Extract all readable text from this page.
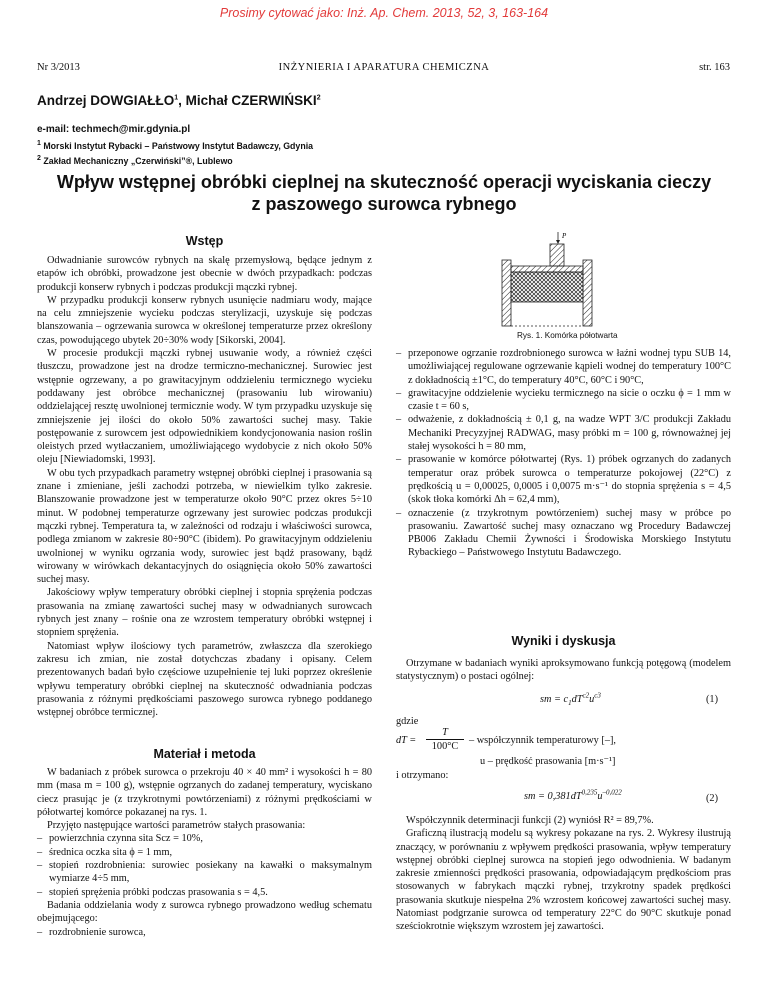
Prosimy cytować jako: Inż. Ap. Chem. 2013, 52, 3, 163-164
Nr 3/2013	INŻYNIERIA I APARATURA CHEMICZNA	str. 163
Andrzej DOWGIAŁŁO$^1$, Michał CZERWIŃSKI$^2$
e-mail: techmech@mir.gdynia.pl
$^1$ Morski Instytut Rybacki – Państwowy Instytut Badawczy, Gdynia
$^2$ Zakład Mechaniczny „Czerwiński”®, Lublewo
Wpływ wstępnej obróbki cieplnej na skuteczność operacji wyciskania cieczy
z paszowego surowca rybnego
Wstęp

Odwadnianie surowców rybnych na skalę przemysłową, będące jednym z etapów ich obróbki, prowadzone jest obecnie w dwóch przypadkach: podczas produkcji konserw rybnych i podczas produkcji mączki rybnej.

W przypadku produkcji konserw rybnych usunięcie nadmiaru wody, mające na celu zmniejszenie wycieku podczas sterylizacji, uzyskuje się podczas blanszowania – ogrzewania surowca w określonej temperaturze przez określony czas, powodującego ubytek 20÷30% wody [Sikorski, 2004].

W procesie produkcji mączki rybnej usuwanie wody, a również części tłuszczu, prowadzone jest na drodze termiczno-mechanicznej. Surowiec jest wstępnie ogrzewany, a po grawitacyjnym oddzieleniu termicznego wycieku poddawany jest obróbce mechanicznej (prasowaniu lub wirowaniu) oddzielającej resztę uwolnionej termicznie wody. W tym przypadku uzyskuje się zmniejszenie jej ilości do około 50% zawartości suchej masy. Takie postępowanie z surowcem jest odpowiednikiem kondycjonowania nasion roślin oleistych przed wytłaczaniem, umożliwiającego wydobycie z nich około 50% oleju [Niewiadomski, 1993].

W obu tych przypadkach parametry wstępnej obróbki cieplnej i prasowania są znane i zmieniane, jeśli zachodzi potrzeba, w niewielkim tylko zakresie. Blanszowanie prowadzone jest w temperaturze około 90°C przez okres 5÷10 minut. W podobnej temperaturze ogrzewany jest surowiec podczas produkcji mączki rybnej. Temperatura ta, w zależności od rodzaju i właściwości surowca, podlega zmianom w zakresie 80÷90°C (ibidem). Po grawitacyjnym oddzieleniu uwolnionej w wyniku ogrzania wody, surowiec jest bądź prasowany, bądź wirowany w wirówkach dekantacyjnych do osiągnięcia około 50% zawartości suchej masy.

Jakościowy wpływ temperatury obróbki cieplnej i stopnia sprężenia podczas prasowania na zmianę zawartości suchej masy w odwadnianych surowcach rybnych jest znany – rośnie ona ze wzrostem temperatury obróbki wstępnej i stopniem sprężenia.

Natomiast wpływ ilościowy tych parametrów, zwłaszcza dla szerokiego zakresu ich zmian, nie został dotychczas zbadany i opisany. Celem prezentowanych badań było częściowe uzupełnienie tej luki poprzez określenie wpływu temperatury obróbki cieplnej na skuteczność odwadniania podczas prasowania z różnymi prędkościami paszowego surowca rybnego poddanego wstępnej obróbce termicznej.

Materiał i metoda

W badaniach z próbek surowca o przekroju 40 × 40 mm² i wysokości h = 80 mm (masa m = 100 g), wstępnie ogrzanych do zadanej temperatury, wyciskano ciecz prasując je (z trzykrotnymi powtórzeniami) z różnymi prędkościami w półotwartej komórce pokazanej na rys. 1.

Przyjęto następujące wartości parametrów stałych prasowania:

– powierzchnia czynna sita Scz = 10%,
– średnica oczka sita ϕ = 1 mm,
– stopień rozdrobnienia: surowiec posiekany na kawałki o maksymalnym wymiarze 4÷5 mm,
– stopień sprężenia próbki podczas prasowania s = 4,5.

Badania oddzielania wody z surowca rybnego prowadzono według schematu obejmującego:

– rozdrobnienie surowca,
P
Rys. 1. Komórka półotwarta
– przeponowe ogrzanie rozdrobnionego surowca w łaźni wodnej typu SUB 14, umożliwiającej regulowane ogrzewanie kąpieli wodnej do temperatury 100°C z dokładnością ±1°C, do temperatury 40°C, 60°C i 90°C,
– grawitacyjne oddzielenie wycieku termicznego na sicie o oczku ϕ = 1 mm w czasie t = 60 s,
– odważenie, z dokładnością ± 0,1 g, na wadze WPT 3/C produkcji Zakładu Mechaniki Precyzyjnej RADWAG, masy próbki m = 100 g, równoważnej jej stałej wysokości h = 80 mm,
– prasowanie w komórce półotwartej (Rys. 1) próbek ogrzanych do zadanych temperatur oraz próbek surowca o temperaturze pokojowej (22°C) z prędkością u = 0,00025, 0,0005 i 0,0075 m·s⁻¹ do stopnia sprężenia s = 4,5 (skok tłoka komórki Δh = 62,4 mm),
– oznaczenie (z trzykrotnym powtórzeniem) suchej masy w próbce po prasowaniu. Zawartość suchej masy oznaczano wg Procedury Badawczej PB006 Zakładu Chemii Żywności i Środowiska Morskiego Instytutu Rybackiego – Państwowego Instytutu Badawczego.
Wyniki i dyskusja

Otrzymane w badaniach wyniki aproksymowano funkcją potęgową (modelem statystycznym) o postaci ogólnej:

sm = $c_1dT^{c2}u^{c3}$	(1)
gdzie
dT =
T
100°C
– współczynnik temperaturowy [–],
u – prędkość prasowania [m·s⁻¹]
i otrzymano:
sm = $0,381dT^{0,235}u^{-0,022}$
(2)

Współczynnik determinacji funkcji (2) wyniósł R² = 89,7%.

Graficzną ilustracją modelu są wykresy pokazane na rys. 2. Wykresy ilustrują znaczący, w porównaniu z wpływem prędkości prasowania, wpływ temperatury wstępnej obróbki cieplnej surowca na stopień jego odwodnienia. W badanym zakresie zmienności prędkości prasowania, odpowiadającym prędkościom pras stosowanych w fabrykach mączki rybnej, trzykrotny spadek prędkości prasowania skutkuje niespełna 2% wzrostem końcowej zawartości suchej masy. Natomiast podgrzanie surowca od temperatury 22°C do 90°C skutkuje ponad sześciokrotnie większym wzrostem jej zawartości.
